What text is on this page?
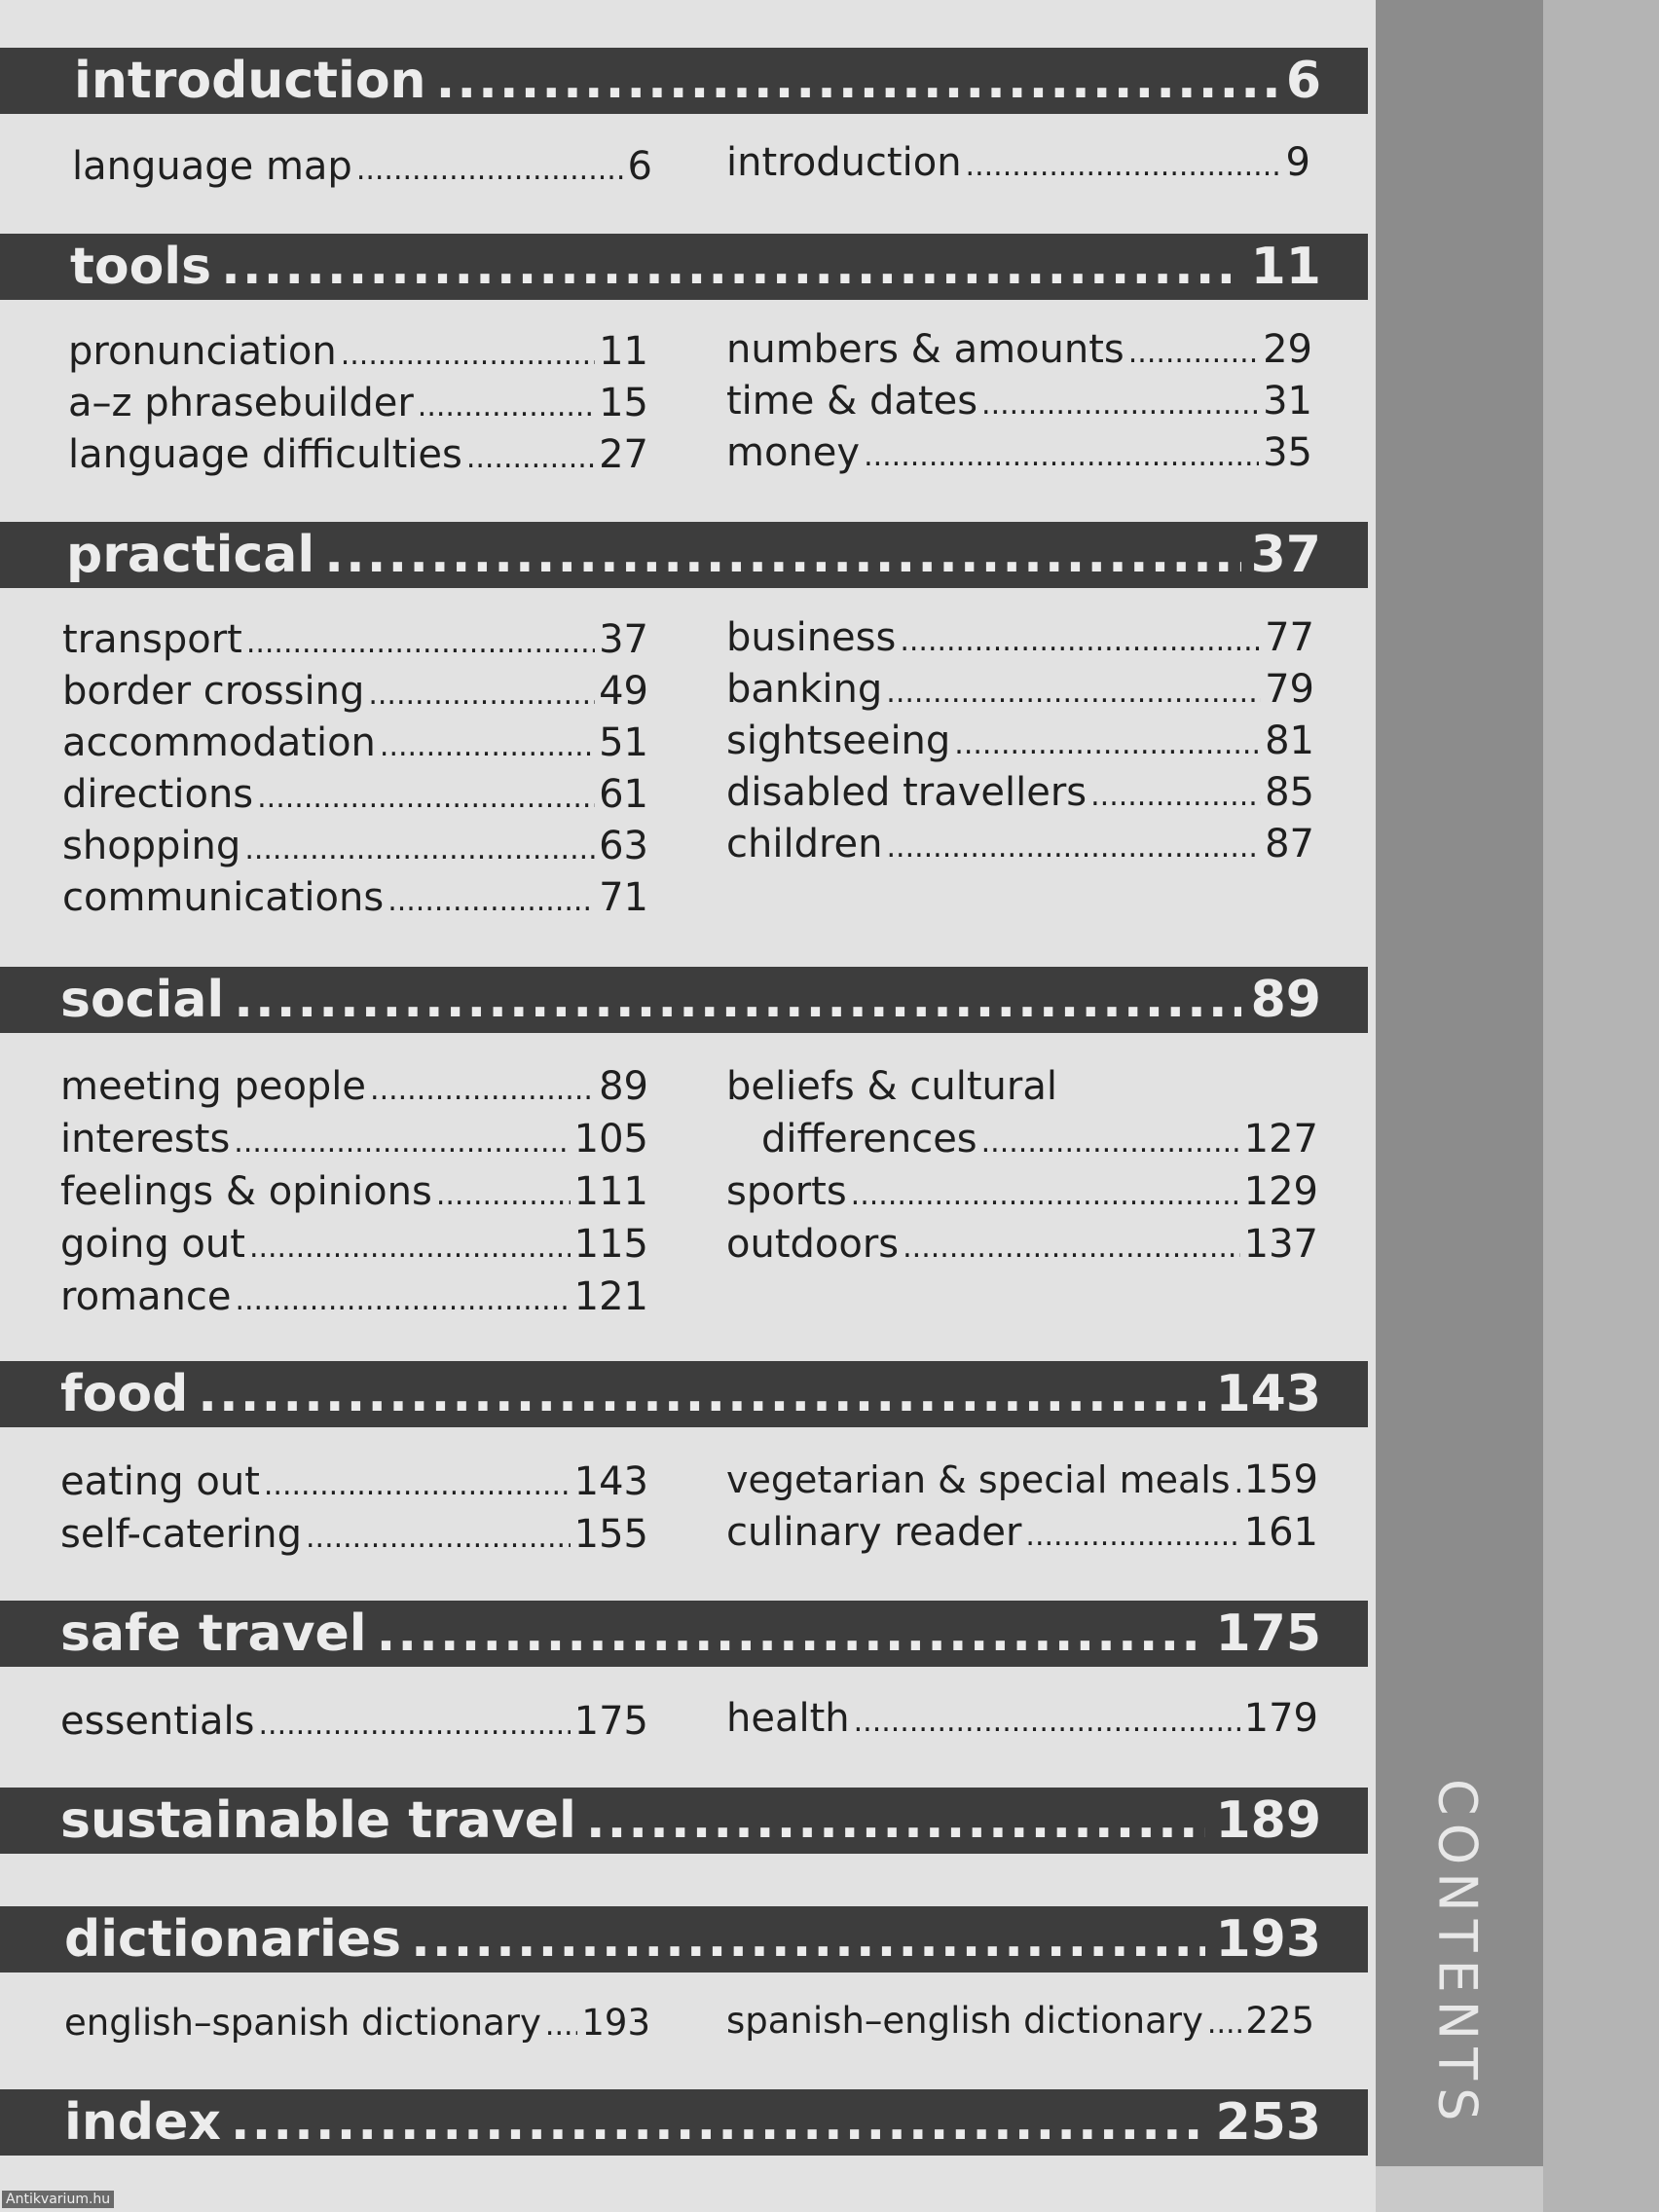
CONTENTS
introduction .....	6
language map .....	6 introduction .....	9
tools .....	11
pronunciation .....	11
a–z phrasebuilder .....	15
language difficulties .....	27
numbers & amounts .....	29
time & dates .....	31
money .....	35
practical .....	37
transport .....	37
border crossing .....	49
accommodation .....	51
directions .....	61
shopping .....	63
communications .....	71
business .....	77
banking .....	79
sightseeing .....	81
disabled travellers .....	85
children .....	87
social .....	89
meeting people .....	89
interests .....	105
feelings & opinions .....	111
going out .....	115
romance .....	121
beliefs & cultural
differences .....	127
sports .....	129
outdoors .....	137
food .....	143
eating out .....	143
self-catering .....	155
vegetarian & special meals ..... 159
culinary reader .....	161
safe travel .....	175
essentials .....	175 health .....	179
sustainable travel .....	189
dictionaries .....	193
english–spanish dictionary ..... 193 spanish–english dictionary ..... 225
index .....	253
Antikvarium.hu
